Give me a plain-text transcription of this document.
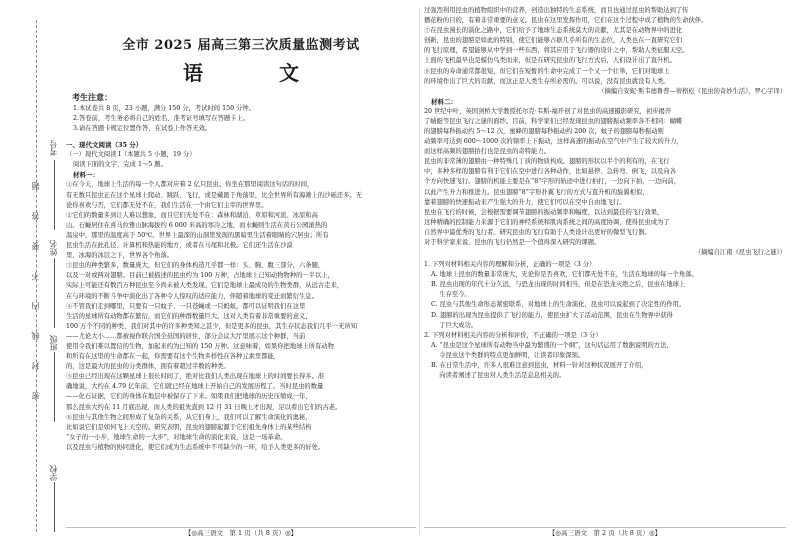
考号
姓名
班级
学校
题
答
要
不
内
线
封
密
全市 2025 届高三第三次质量监测考试
语　文
考生注意：
1.本试卷共 8 页，23 小题，满分 150 分，考试时间 150 分钟。
2.答卷前，考生务必将自己的姓名、准考证号填写在答题卡上。
3.请在答题卡规定位置作答，在试卷上作答无效。
一、现代文阅读（35 分）
（一）现代文阅读 I（本题共 5 小题，19 分）
阅读下面的文字，完成 1～5 题。
材料一：
①在今天，地球上生活的每一个人都对应着 2 亿只昆虫。你坐在那里阅读这句话的时间，
有无数只昆虫正在这个星球上爬动、跳跃、飞行，或是藏匿于角落里，比全世界所有海滩上的沙砾还多。无
论你喜欢与否，它们都无处不在，我们生活在一个由它们主宰的世界里。
②它们的数量多到让人难以想象，而且它们无处不在：森林和湖泊、草原和河流、冰原和高
山。石蝇居住在喜马拉雅山脉海拔约 6 000 米高的寒冷之地，而水蝇则生活在黄石公园滚热的
温泉中，那里的温度高于 50℃。世界上最深的山洞里发现的黑暗里生活着眼睛的穴居虫；所有
昆虫生活在此孔径、计算机和热能的地方，或者在马尾和北极。它们还生活在沙漠
里、冰海的冰层之下，世界各个角落。
③昆虫的种类繁多，数量庞大，但它们的身体构造几乎都一样：头、胸、腹三部分，六条腿，
以及一对或两对翅膀。目前已被描述的昆虫约为 100 万种，占地球上已知动物物种的一半以上，
实际上可能还有数百万种昆虫至今尚未被人类发现。它们是地球上最成功的生物类群，从远古走来，
在与环境的不断斗争中演化出了各种令人惊叹的适应能力，伴随着地球的变迁而繁衍生息。
④不管我们走到哪里，只要有一只蚊子、一只苍蝇或一只蚂蚁，都可以证明我们在这里
生活的星球所有动物都在繁衍，而它们的种群数量巨大，这对人类有着非常重要的意义，
100 万个不同的种类，我们对其中的许多种类知之甚少，但是更多的昆虫，其生存状态我们几乎一无所知
——尤论大小……都被视作联合国全员国的居住，部分会议大厅里展示这个种群，当前
使用令我们难以置信的生物，加起来约为已知的 150 万种。这意味着，如果你把地球上所有动物
和所有在这里的生命都在一起，你需要有这个生物多样性在各种元素里都能，
的，这是最大的昆虫的分类群体，拥有着超过半数的种类。
⑤昆虫已经出现在这颗星球上很长时间了，绝对比我们人类出现在地球上的时间要长得多。准
确地说，大约在 4.79 亿年前，它们就已经在地球上开始自己的发展历程了。当时昆虫的数量
——化石证据，它们的身体在地层中被保存了下来。如果我们把地球的历史压缩成一年，
那么昆虫大约在 11 月底出现，而人类的祖先直到 12 月 31 日晚上才出现，足以看出它们的古老。
⑥昆虫与其他生物之间形成了复杂的关系，从它们身上，我们可以了解生命演化的奥秘，
比如说它们是如何飞上天空的。研究表明，昆虫的翅膀起源于它们祖先身体上的某些结构
“女子的一小步，地球生命的一大步”，对地球生命的演化来说，这是一场革命。
以及昆虫与植物的协同进化，使它们成为生态系统中不可缺少的一环，给予人类更多的好处。
【◎高三语文　第 1 页（共 8 页）◎】
过强烈利用昆虫的植物组织中的营养，创造出独特的生态系统，而且也通过昆虫的帮助达到了传
播花粉的目的，有着非常重要的意义。昆虫在这里发挥作用，它们在这个过程中成了植物的生命伙伴。
⑦在昆虫漫长的演化之路中，它们给予了地球生态系统莫大的贡献，尤其是在动物界中的进化
创新，昆虫的翅膀是如此的特别，使它们能够占据几乎所有的生态位，人类也在一直研究它们
的飞行原理，希望能够从中学到一些东西，将其应用于飞行器的设计之中，帮助人类征服天空。
上面的飞机最早也是模仿鸟类而来，但是在研究昆虫的飞行方式后，人们设计出了直升机。
⑧昆虫的寿命通常都很短，但它们在短暂的生命中完成了一个又一个壮举，它们对地球上
的环境作出了巨大的贡献，而这正是人类生存所必需的。可以说，没有昆虫就没有人类。
（摘编自安妮·斯韦德鲁普—蒂格松《昆虫的奇妙生活》，罗心宇译）
材料二：
20 世纪中叶，英国剑桥大学教授托尔克·韦斯-福开创了对昆虫的高速摄影研究，初步揭开
了蜻蜓等昆虫飞行之谜的面纱。目前，科学家们已经发现昆虫的翅膀振动频率各不相同：蝴蝶
的翅膀每秒振动约 5～12 次，蜜蜂的翅膀每秒振动约 200 次，蚊子的翅膀每秒振动则
动频率可达到 600～1000 次的频率上下振动，这样高速的振动在空气中产生了较大的升力，
而这样高频的翅膀拍打也是昆虫的奇特能力。
昆虫的非常薄的翅膀由一种特殊几丁质的物质构成。翅膀的形状以半个的利有的，在飞行
中，多种多样的翅膀有利于它们在空中进行各种动作，比如悬停、急转弯、倒飞，以及向各
个方向快速飞行。翅膀的机能主要是在“8”字形的轨迹中进行拍打，一边向下拍，一边向前，
以此产生升力和推进力。昆虫翅膀“8”字形扑翼飞行的方式与直升机的旋翼相似，
靠着翅膀的快速振动来产生强大的升力，使它们可以在空中自由地飞行。
昆虫在飞行的时候，会根据需要调节翅膀的振动频率和幅度，以达到最佳的飞行效果，
这种精确的控制能力来源于它们的神经系统和肌肉系统之间的高度协调，使得昆虫成为了
自然界中最优秀的飞行者。研究昆虫的飞行有助于人类设计出更好的微型飞行器。
对于科学家来说，昆虫的飞行仍然是一个值得深入研究的课题。
（摘编自江南《昆虫飞行之谜》）
1. 下列对材料相关内容的理解和分析，正确的一项是（3 分）
A. 地球上昆虫的数量非常庞大，无论你是否喜欢，它们都无处不在，生活在地球的每一个角落。
B. 昆虫出现的年代十分久远，与恐龙出现的时间相当，但是在恐龙灭绝之后，昆虫在地球上
　 生存至今。
C. 昆虫与其他生命形态紧密联系，对地球上的生命演化，昆虫可以说起到了决定性的作用。
D. 翅膀的出现为昆虫提供了飞行的能力，使昆虫扩大了活动范围，昆虫在生物界中获得
　 了巨大成功。
2. 下列对材料相关内容的分析和评价，不正确的一项是（3 分）
A. “昆虫是这个星球所有动物当中最为繁盛的一个纲”，这句话运用了数据说明的方法，
　 令昆虫这个类群的特点更加鲜明，让读者印象深刻。
B. 在日常生活中，许多人很难注意到昆虫，材料一针对这种状况展开了介绍，
　 向读者阐述了昆虫对人类生活是息息相关的。
【◎高三语文　第 2 页（共 8 页）◎】
